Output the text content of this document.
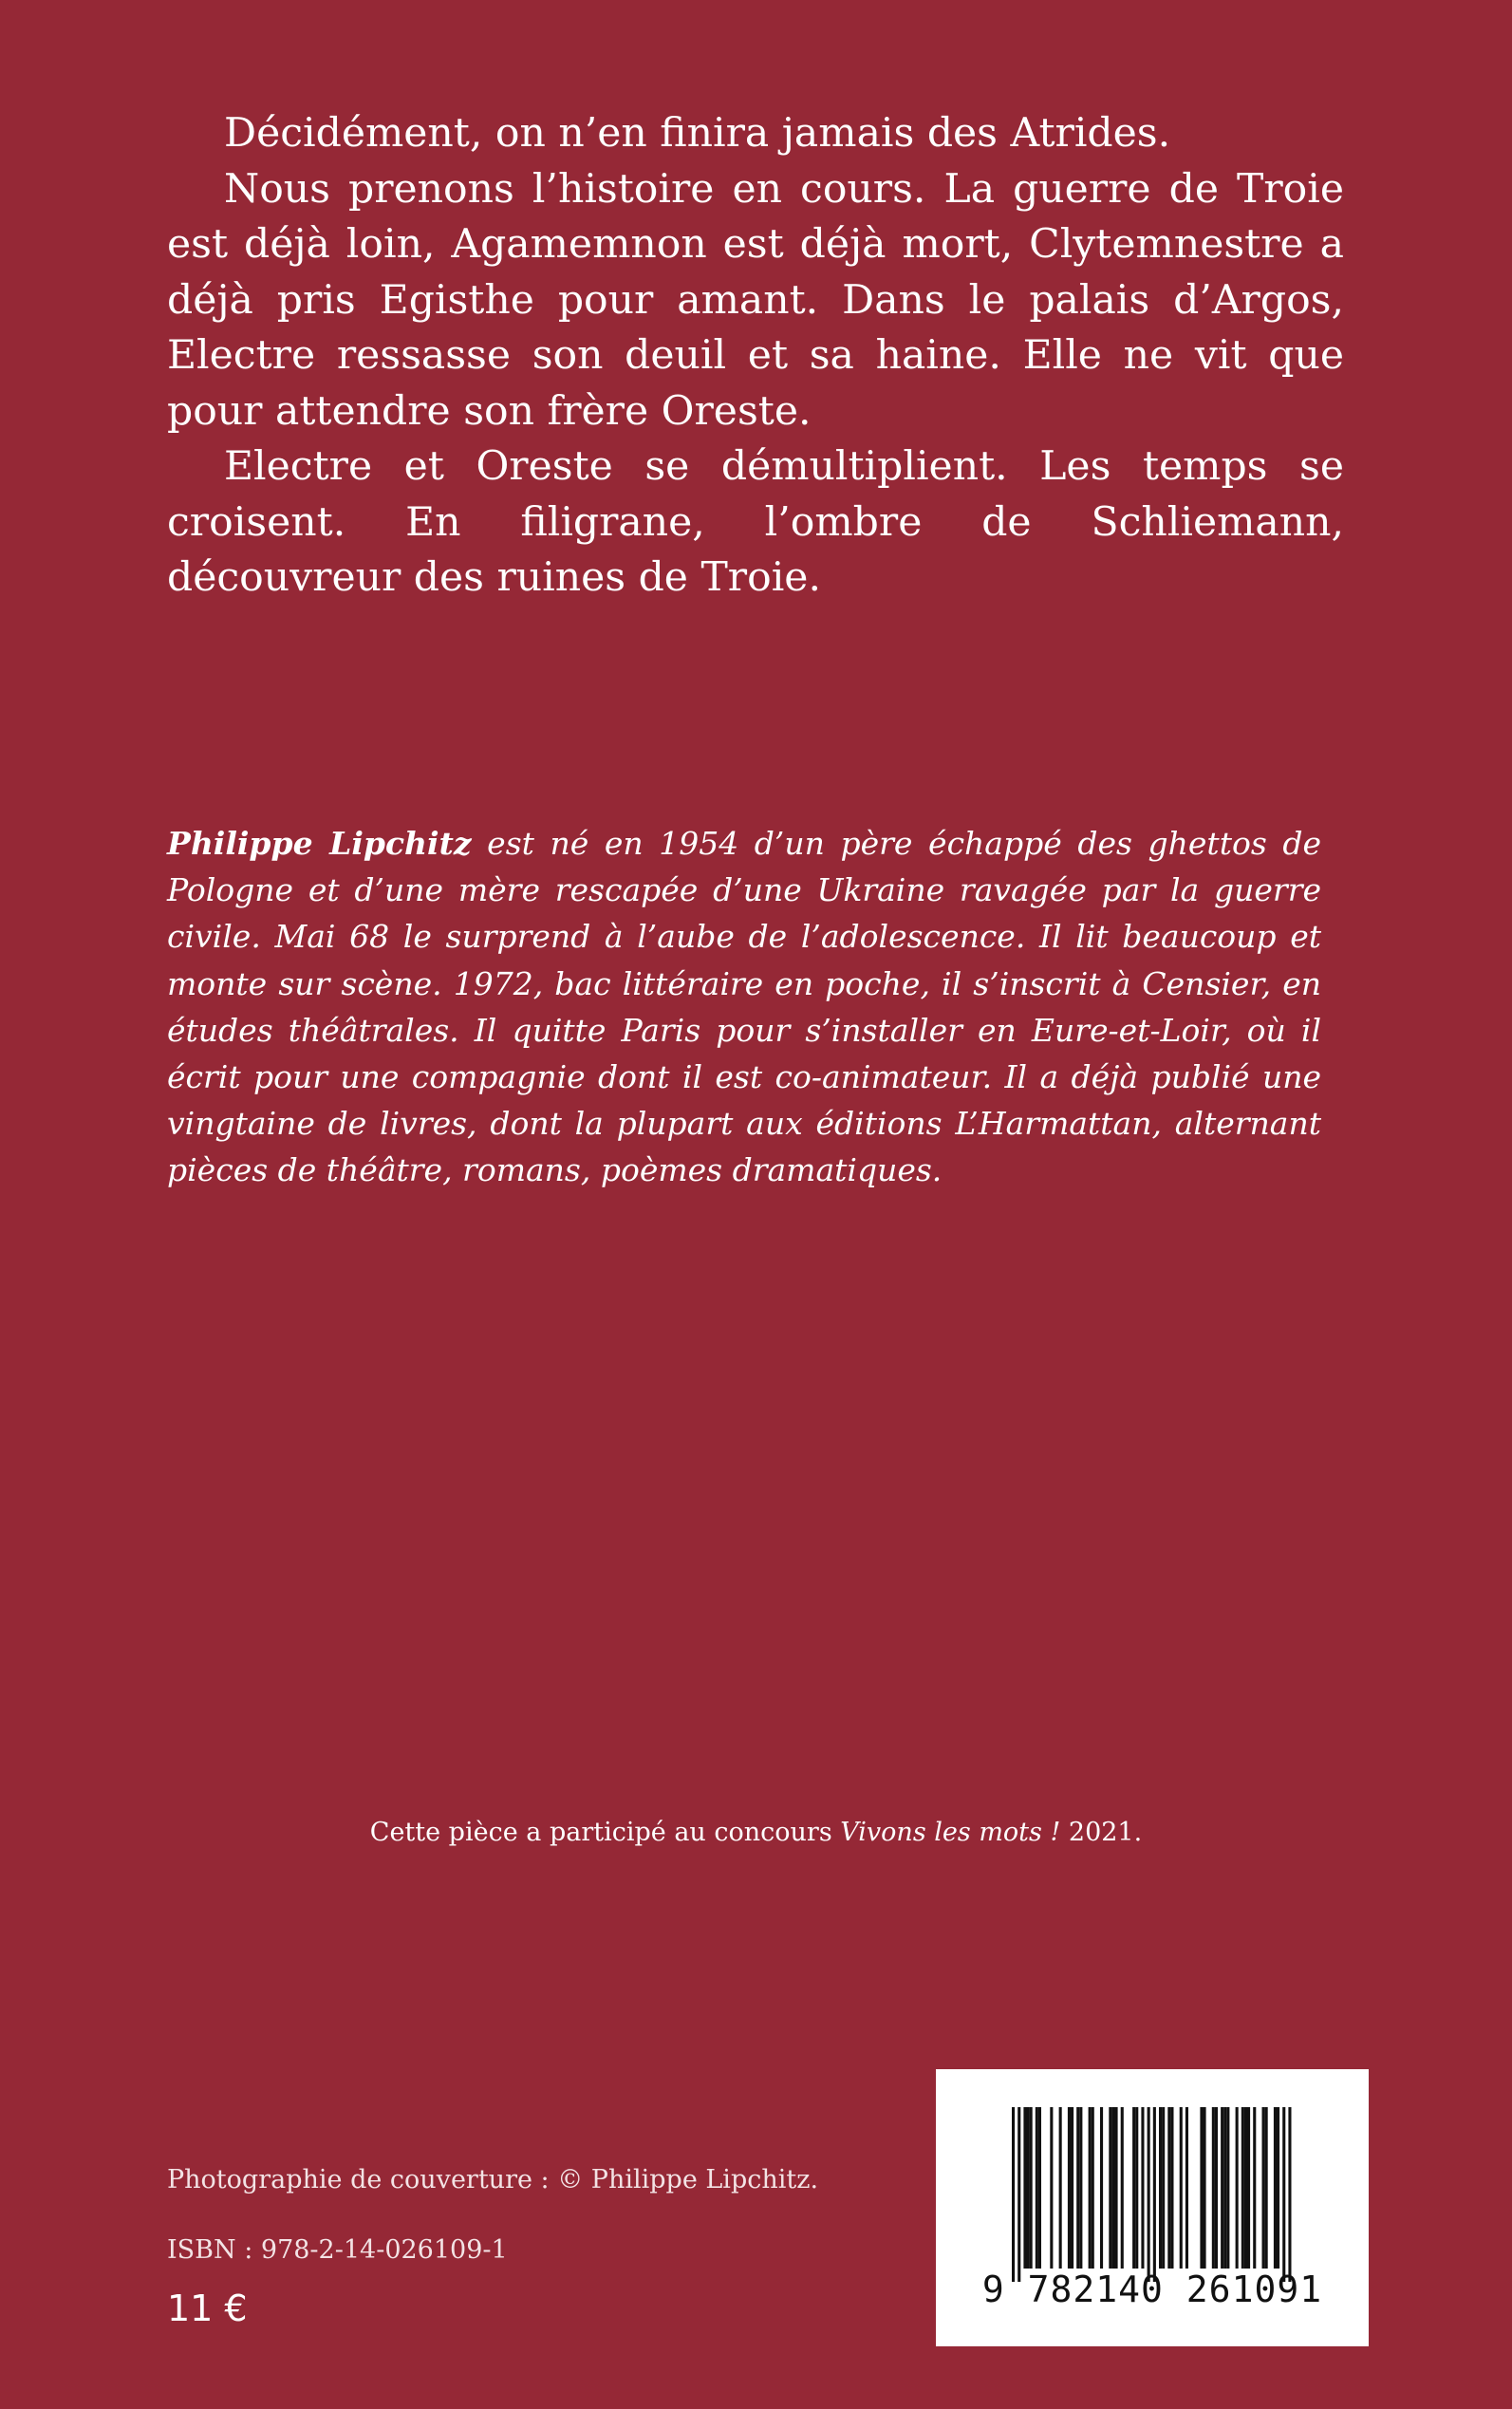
Décidément, on n’en finira jamais des Atrides.

Nous prenons l’histoire en cours. La guerre de Troie est déjà loin, Agamemnon est déjà mort, Clytemnestre a déjà pris Egisthe pour amant. Dans le palais d’Argos, Electre ressasse son deuil et sa haine. Elle ne vit que pour attendre son frère Oreste.

Electre et Oreste se démultiplient. Les temps se croisent. En filigrane, l’ombre de Schliemann, découvreur des ruines de Troie.

Philippe Lipchitz est né en 1954 d’un père échappé des ghettos de Pologne et d’une mère rescapée d’une Ukraine ravagée par la guerre civile. Mai 68 le surprend à l’aube de l’adolescence. Il lit beaucoup et monte sur scène. 1972, bac littéraire en poche, il s’inscrit à Censier, en études théâtrales. Il quitte Paris pour s’installer en Eure-et-Loir, où il écrit pour une compagnie dont il est co-animateur. Il a déjà publié une vingtaine de livres, dont la plupart aux éditions L’Harmattan, alternant pièces de théâtre, romans, poèmes dramatiques.

Cette pièce a participé au concours Vivons les mots ! 2021.
Photographie de couverture : © Philippe Lipchitz.
ISBN : 978-2-14-026109-1
11 €	9 782140 261091
